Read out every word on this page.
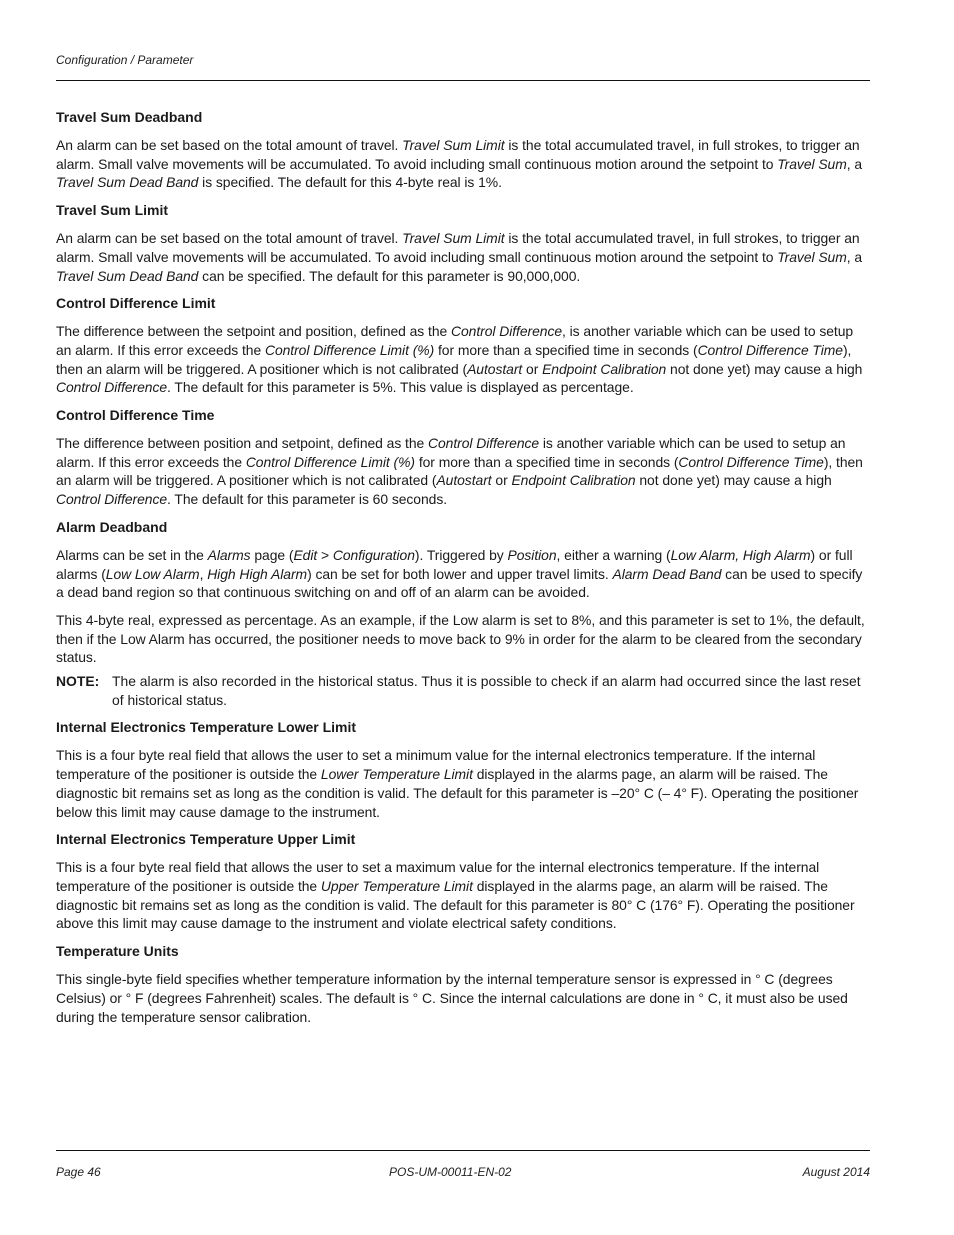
Configuration / Parameter
Travel Sum Deadband

An alarm can be set based on the total amount of travel. Travel Sum Limit is the total accumulated travel, in full strokes, to trigger an alarm. Small valve movements will be accumulated. To avoid including small continuous motion around the setpoint to Travel Sum, a Travel Sum Dead Band is specified. The default for this 4-byte real is 1%.

Travel Sum Limit

An alarm can be set based on the total amount of travel. Travel Sum Limit is the total accumulated travel, in full strokes, to trigger an alarm. Small valve movements will be accumulated. To avoid including small continuous motion around the setpoint to Travel Sum, a Travel Sum Dead Band can be specified. The default for this parameter is 90,000,000.

Control Difference Limit

The difference between the setpoint and position, defined as the Control Difference, is another variable which can be used to setup an alarm. If this error exceeds the Control Difference Limit (%) for more than a specified time in seconds (Control Difference Time), then an alarm will be triggered. A positioner which is not calibrated (Autostart or Endpoint Calibration not done yet) may cause a high Control Difference. The default for this parameter is 5%. This value is displayed as percentage.

Control Difference Time

The difference between position and setpoint, defined as the Control Difference is another variable which can be used to setup an alarm. If this error exceeds the Control Difference Limit (%) for more than a specified time in seconds (Control Difference Time), then an alarm will be triggered. A positioner which is not calibrated (Autostart or Endpoint Calibration not done yet) may cause a high Control Difference. The default for this parameter is 60 seconds.

Alarm Deadband

Alarms can be set in the Alarms page (Edit > Configuration). Triggered by Position, either a warning (Low Alarm, High Alarm) or full alarms (Low Low Alarm, High High Alarm) can be set for both lower and upper travel limits. Alarm Dead Band can be used to specify a dead band region so that continuous switching on and off of an alarm can be avoided.

This 4-byte real, expressed as percentage. As an example, if the Low alarm is set to 8%, and this parameter is set to 1%, the default, then if the Low Alarm has occurred, the positioner needs to move back to 9% in order for the alarm to be cleared from the secondary status.

NOTE: The alarm is also recorded in the historical status. Thus it is possible to check if an alarm had occurred since the last reset of historical status.
Internal Electronics Temperature Lower Limit

This is a four byte real field that allows the user to set a minimum value for the internal electronics temperature. If the internal temperature of the positioner is outside the Lower Temperature Limit displayed in the alarms page, an alarm will be raised. The diagnostic bit remains set as long as the condition is valid. The default for this parameter is –20° C (– 4° F). Operating the positioner below this limit may cause damage to the instrument.

Internal Electronics Temperature Upper Limit

This is a four byte real field that allows the user to set a maximum value for the internal electronics temperature. If the internal temperature of the positioner is outside the Upper Temperature Limit displayed in the alarms page, an alarm will be raised. The diagnostic bit remains set as long as the condition is valid. The default for this parameter is 80° C (176° F). Operating the positioner above this limit may cause damage to the instrument and violate electrical safety conditions.

Temperature Units

This single-byte field specifies whether temperature information by the internal temperature sensor is expressed in ° C (degrees Celsius) or ° F (degrees Fahrenheit) scales. The default is ° C. Since the internal calculations are done in ° C, it must also be used during the temperature sensor calibration.

Page 46	POS-UM-00011-EN-02	August 2014
